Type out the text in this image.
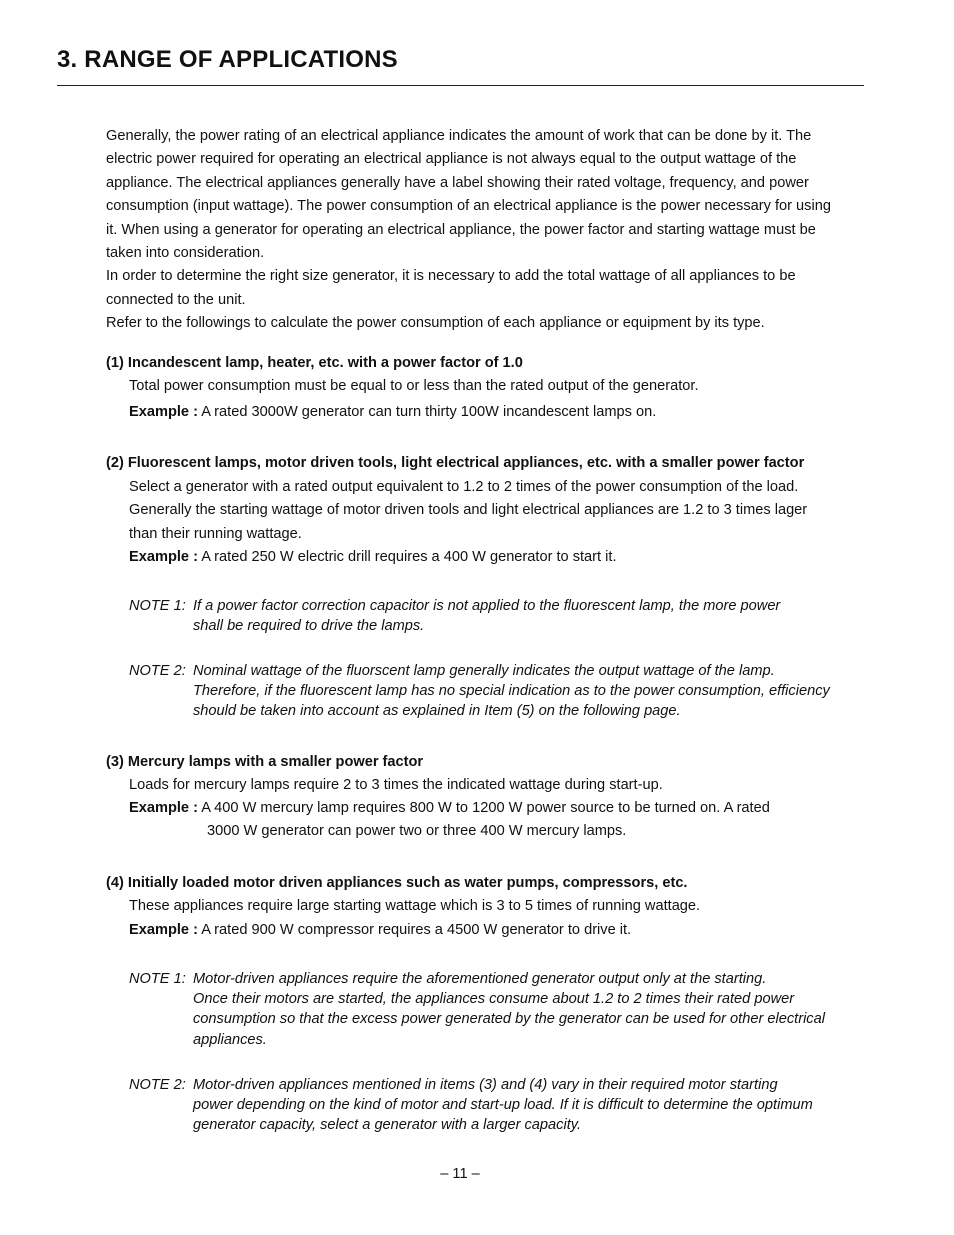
3. RANGE OF APPLICATIONS

Generally, the power rating of an electrical appliance indicates the amount of work that can be done by it. The electric power required for operating an electrical appliance is not always equal to the output wattage of the appliance. The electrical appliances generally have a label showing their rated voltage, frequency, and power consumption (input wattage). The power consumption of an electrical appliance is the power necessary for using it. When using a generator for operating an electrical appliance, the power factor and starting wattage must be taken into consideration.

In order to determine the right size generator, it is necessary to add the total wattage of all appliances to be connected to the unit.

Refer to the followings to calculate the power consumption of each appliance or equipment by its type.

(1) Incandescent lamp, heater, etc. with a power factor of 1.0
Total power consumption must be equal to or less than the rated output of the generator.
Example : A rated 3000W generator can turn thirty 100W incandescent lamps on.
(2) Fluorescent lamps, motor driven tools, light electrical appliances, etc. with a smaller power factor
Select a generator with a rated output equivalent to 1.2 to 2 times of the power consumption of the load. Generally the starting wattage of motor driven tools and light electrical appliances are 1.2 to 3 times lager than their running wattage.
Example : A rated 250 W electric drill requires a 400 W generator to start it.
NOTE 1: If a power factor correction capacitor is not applied to the fluorescent lamp, the more power
shall be required to drive the lamps.
NOTE 2: Nominal wattage of the fluorscent lamp generally indicates the output wattage of the lamp.
Therefore, if the fluorescent lamp has no special indication as to the power consumption, efficiency should be taken into account as explained in Item (5) on the following page.
(3) Mercury lamps with a smaller power factor
Loads for mercury lamps require 2 to 3 times the indicated wattage during start-up.
Example : A 400 W mercury lamp requires 800 W to 1200 W power source to be turned on. A rated
3000 W generator can power two or three 400 W mercury lamps.
(4) Initially loaded motor driven appliances such as water pumps, compressors, etc.
These appliances require large starting wattage which is 3 to 5 times of running wattage.
Example : A rated 900 W compressor requires a 4500 W generator to drive it.
NOTE 1: Motor-driven appliances require the aforementioned generator output only at the starting.
Once their motors are started, the appliances consume about 1.2 to 2 times their rated power consumption so that the excess power generated by the generator can be used for other electrical appliances.
NOTE 2: Motor-driven appliances mentioned in items (3) and (4) vary in their required motor starting
power depending on the kind of motor and start-up load. If it is difficult to determine the optimum generator capacity, select a generator with a larger capacity.
– 11 –
